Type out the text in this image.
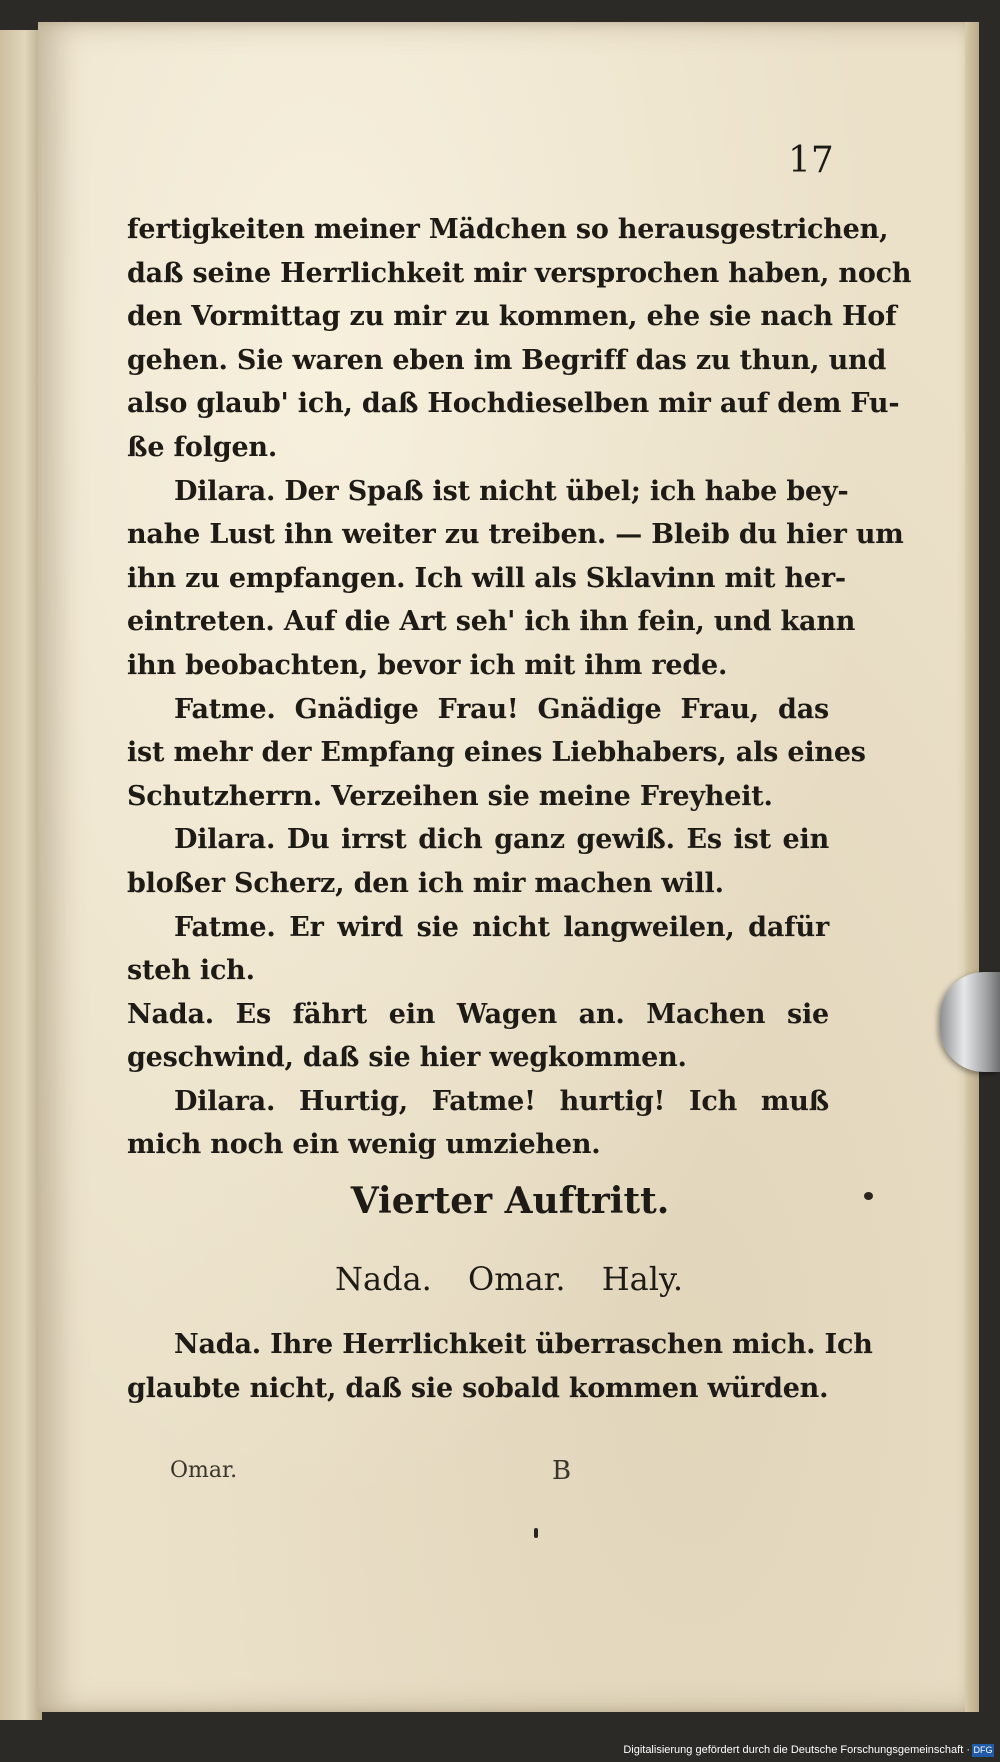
17
fertigkeiten meiner Mädchen so herausgestrichen,
daß seine Herrlichkeit mir versprochen haben, noch
den Vormittag zu mir zu kommen, ehe sie nach Hof
gehen. Sie waren eben im Begriff das zu thun, und
also glaub' ich, daß Hochdieselben mir auf dem Fu-
ße folgen.
Dilara. Der Spaß ist nicht übel; ich habe bey-
nahe Lust ihn weiter zu treiben. — Bleib du hier um
ihn zu empfangen. Ich will als Sklavinn mit her-
eintreten. Auf die Art seh' ich ihn fein, und kann
ihn beobachten, bevor ich mit ihm rede.
Fatme. Gnädige Frau! Gnädige Frau, das
ist mehr der Empfang eines Liebhabers, als eines
Schutzherrn. Verzeihen sie meine Freyheit.
Dilara. Du irrst dich ganz gewiß. Es ist ein
bloßer Scherz, den ich mir machen will.
Fatme. Er wird sie nicht langweilen, dafür
steh ich.
Nada. Es fährt ein Wagen an. Machen sie
geschwind, daß sie hier wegkommen.
Dilara. Hurtig, Fatme! hurtig! Ich muß
mich noch ein wenig umziehen.
Vierter Auftritt.
Nada. Omar. Haly.
Nada. Ihre Herrlichkeit überraschen mich. Ich
glaubte nicht, daß sie sobald kommen würden.
Omar.	B
Digitalisierung gefördert durch die Deutsche Forschungsgemeinschaft · DFG
